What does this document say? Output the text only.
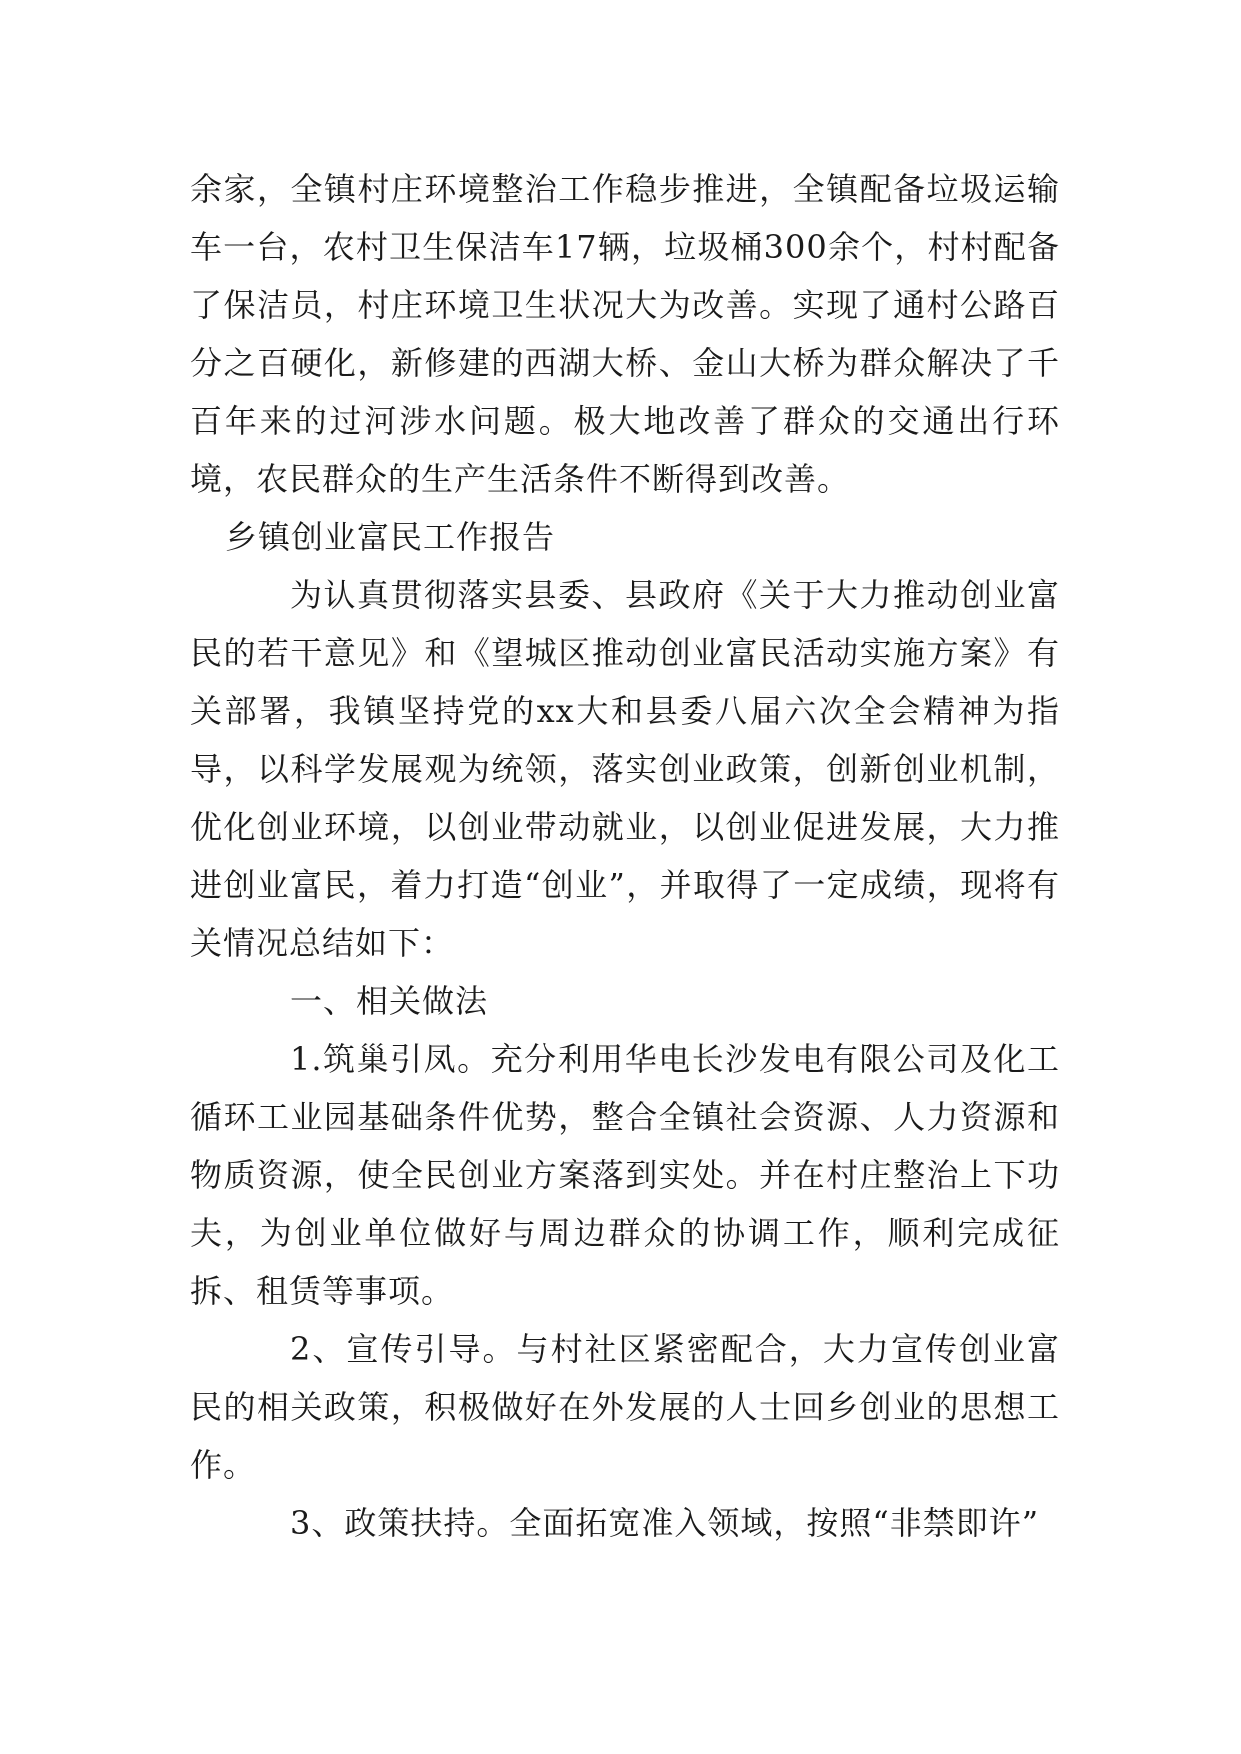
余家，全镇村庄环境整治工作稳步推进，全镇配备垃圾运输车一台，农村卫生保洁车17辆，垃圾桶300余个，村村配备了保洁员，村庄环境卫生状况大为改善。实现了通村公路百分之百硬化，新修建的西湖大桥、金山大桥为群众解决了千百年来的过河涉水问题。极大地改善了群众的交通出行环境，农民群众的生产生活条件不断得到改善。

乡镇创业富民工作报告

为认真贯彻落实县委、县政府《关于大力推动创业富民的若干意见》和《望城区推动创业富民活动实施方案》有关部署，我镇坚持党的xx大和县委八届六次全会精神为指导，以科学发展观为统领，落实创业政策，创新创业机制，优化创业环境，以创业带动就业，以创业促进发展，大力推进创业富民，着力打造“创业”，并取得了一定成绩，现将有关情况总结如下：

一、相关做法

1.筑巢引凤。充分利用华电长沙发电有限公司及化工循环工业园基础条件优势，整合全镇社会资源、人力资源和物质资源，使全民创业方案落到实处。并在村庄整治上下功夫，为创业单位做好与周边群众的协调工作，顺利完成征拆、租赁等事项。

2、宣传引导。与村社区紧密配合，大力宣传创业富民的相关政策，积极做好在外发展的人士回乡创业的思想工作。

3、政策扶持。全面拓宽准入领域，按照“非禁即许”
